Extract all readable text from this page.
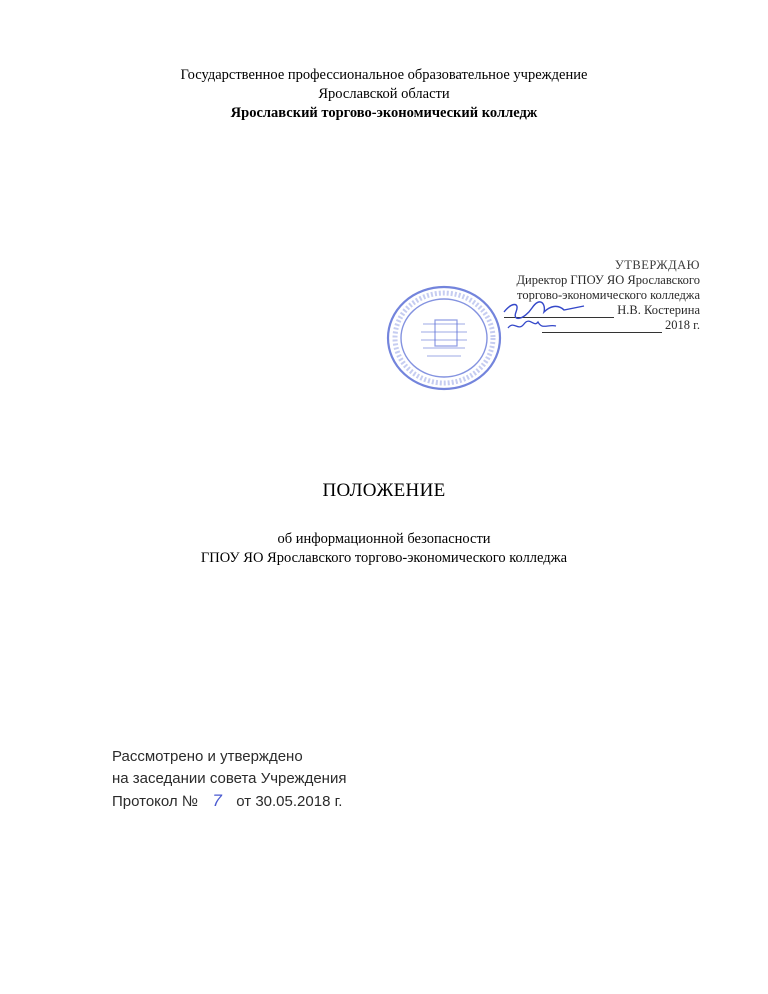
Государственное профессиональное образовательное учреждение
Ярославской области
Ярославский торгово-экономический колледж

УТВЕРЖДАЮ
Директор ГПОУ ЯО Ярославского
торгово-экономического колледжа
Н.В. Костерина
2018 г.
ПОЛОЖЕНИЕ
об информационной безопасности
ГПОУ ЯО Ярославского торгово-экономического колледжа
Рассмотрено и утверждено
на заседании совета Учреждения
Протокол № 7 от 30.05.2018 г.
